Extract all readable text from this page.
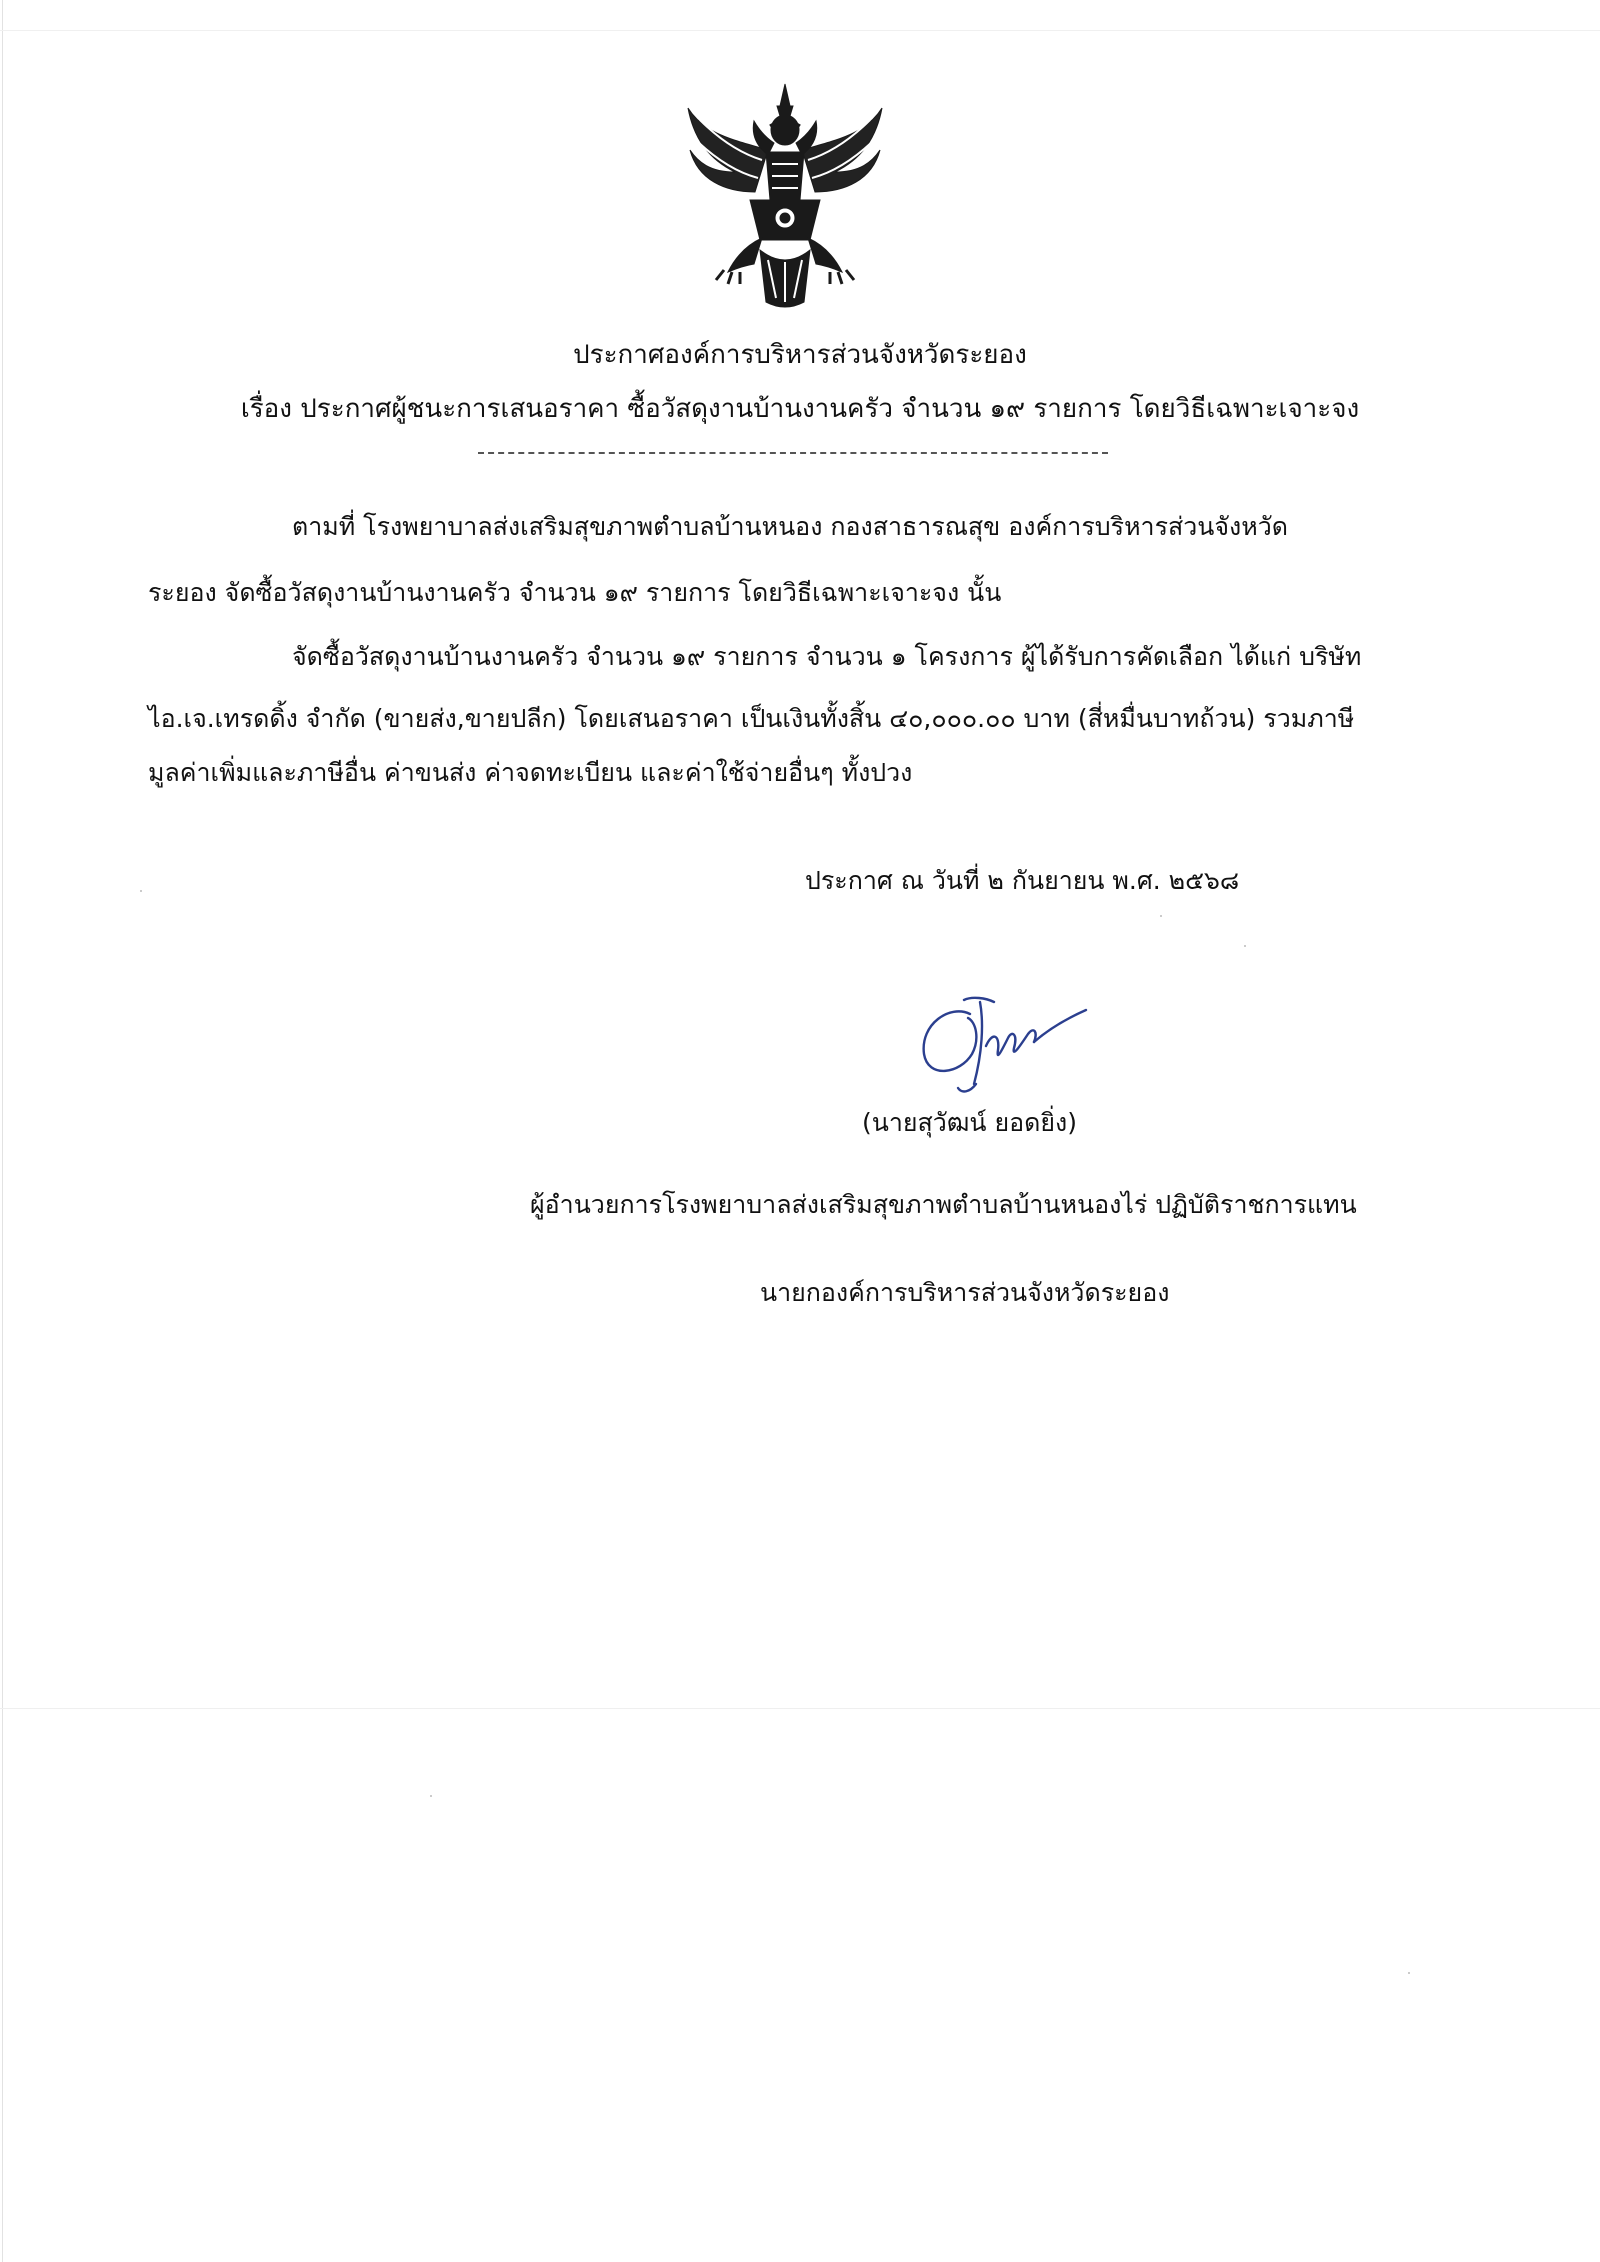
ประกาศองค์การบริหารส่วนจังหวัดระยอง
เรื่อง ประกาศผู้ชนะการเสนอราคา ซื้อวัสดุงานบ้านงานครัว จำนวน ๑๙ รายการ โดยวิธีเฉพาะเจาะจง
ตามที่ โรงพยาบาลส่งเสริมสุขภาพตำบลบ้านหนอง กองสาธารณสุข องค์การบริหารส่วนจังหวัด
ระยอง จัดซื้อวัสดุงานบ้านงานครัว จำนวน ๑๙ รายการ โดยวิธีเฉพาะเจาะจง นั้น
จัดซื้อวัสดุงานบ้านงานครัว จำนวน ๑๙ รายการ จำนวน ๑ โครงการ ผู้ได้รับการคัดเลือก ได้แก่ บริษัท
ไอ.เจ.เทรดดิ้ง จำกัด (ขายส่ง,ขายปลีก) โดยเสนอราคา เป็นเงินทั้งสิ้น ๔๐,๐๐๐.๐๐ บาท (สี่หมื่นบาทถ้วน) รวมภาษี
มูลค่าเพิ่มและภาษีอื่น ค่าขนส่ง ค่าจดทะเบียน และค่าใช้จ่ายอื่นๆ ทั้งปวง
ประกาศ ณ วันที่ ๒ กันยายน พ.ศ. ๒๕๖๘
(นายสุวัฒน์ ยอดยิ่ง)
ผู้อำนวยการโรงพยาบาลส่งเสริมสุขภาพตำบลบ้านหนองไร่ ปฏิบัติราชการแทน
นายกองค์การบริหารส่วนจังหวัดระยอง
